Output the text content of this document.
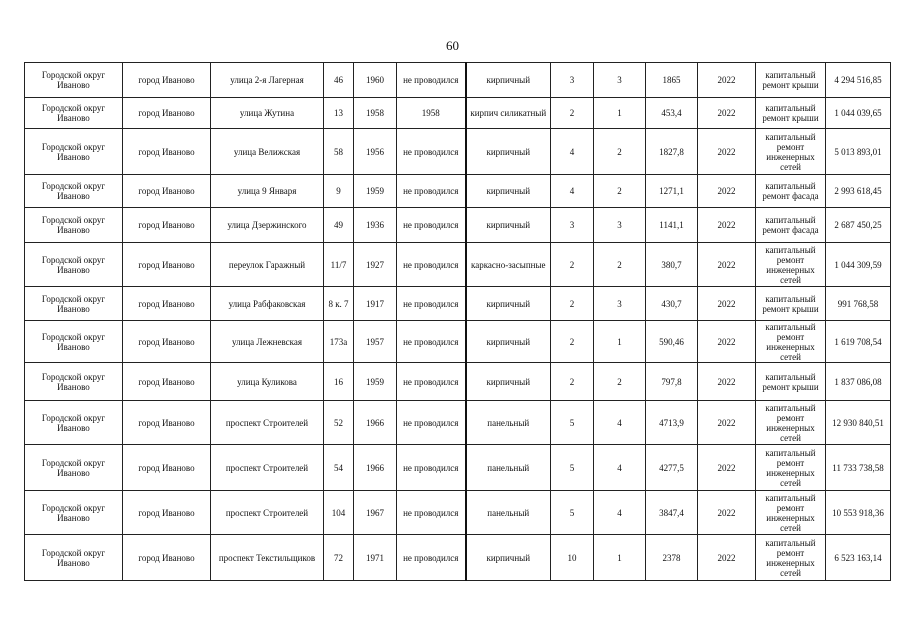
60
Городской округ Иваново	город Иваново	улица 2-я Лагерная	46	1960	не проводился	кирпичный	3	3	1865	2022	капитальный ремонт крыши	4 294 516,85
Городской округ Иваново	город Иваново	улица Жутина	13	1958	1958	кирпич силикатный	2	1	453,4	2022	капитальный ремонт крыши	1 044 039,65
Городской округ Иваново	город Иваново	улица Велижская	58	1956	не проводился	кирпичный	4	2	1827,8	2022	капитальный ремонт инженерных сетей	5 013 893,01
Городской округ Иваново	город Иваново	улица 9 Января	9	1959	не проводился	кирпичный	4	2	1271,1	2022	капитальный ремонт фасада	2 993 618,45
Городской округ Иваново	город Иваново	улица Дзержинского	49	1936	не проводился	кирпичный	3	3	1141,1	2022	капитальный ремонт фасада	2 687 450,25
Городской округ Иваново	город Иваново	переулок Гаражный	11/7	1927	не проводился	каркасно-засыпные	2	2	380,7	2022	капитальный ремонт инженерных сетей	1 044 309,59
Городской округ Иваново	город Иваново	улица Рабфаковская	8 к. 7	1917	не проводился	кирпичный	2	3	430,7	2022	капитальный ремонт крыши	991 768,58
Городской округ Иваново	город Иваново	улица Лежневская	173а	1957	не проводился	кирпичный	2	1	590,46	2022	капитальный ремонт инженерных сетей	1 619 708,54
Городской округ Иваново	город Иваново	улица Куликова	16	1959	не проводился	кирпичный	2	2	797,8	2022	капитальный ремонт крыши	1 837 086,08
Городской округ Иваново	город Иваново	проспект Строителей	52	1966	не проводился	панельный	5	4	4713,9	2022	капитальный ремонт инженерных сетей	12 930 840,51
Городской округ Иваново	город Иваново	проспект Строителей	54	1966	не проводился	панельный	5	4	4277,5	2022	капитальный ремонт инженерных сетей	11 733 738,58
Городской округ Иваново	город Иваново	проспект Строителей	104	1967	не проводился	панельный	5	4	3847,4	2022	капитальный ремонт инженерных сетей	10 553 918,36
Городской округ Иваново	город Иваново	проспект Текстильщиков	72	1971	не проводился	кирпичный	10	1	2378	2022	капитальный ремонт инженерных сетей	6 523 163,14
